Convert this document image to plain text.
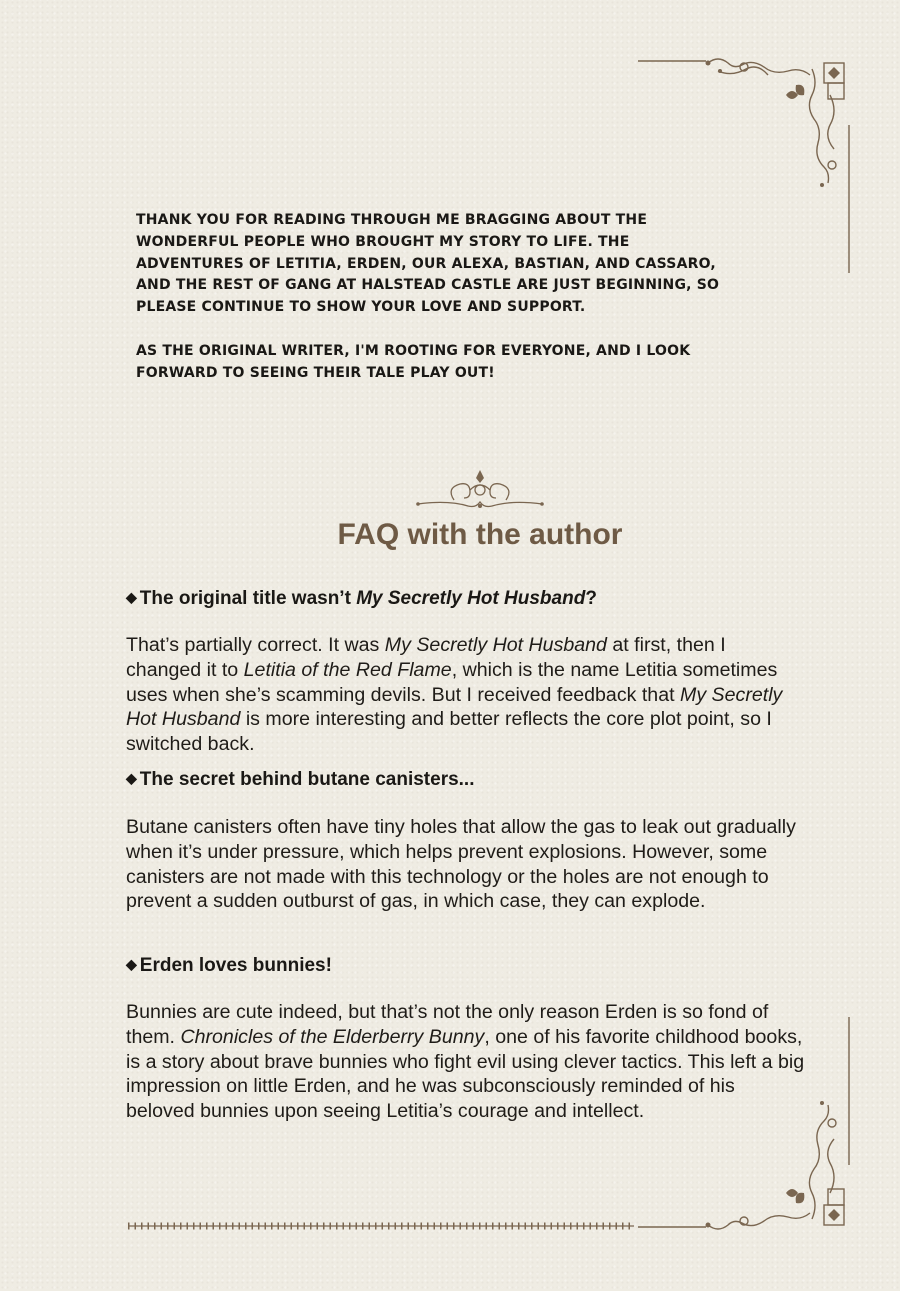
THANK YOU FOR READING THROUGH ME BRAGGING ABOUT THE WONDERFUL PEOPLE WHO BROUGHT MY STORY TO LIFE. THE ADVENTURES OF LETITIA, ERDEN, OUR ALEXA, BASTIAN, AND CASSARO, AND THE REST OF GANG AT HALSTEAD CASTLE ARE JUST BEGINNING, SO PLEASE CONTINUE TO SHOW YOUR LOVE AND SUPPORT.

AS THE ORIGINAL WRITER, I'M ROOTING FOR EVERYONE, AND I LOOK FORWARD TO SEEING THEIR TALE PLAY OUT!

FAQ with the author

◆ The original title wasn’t My Secretly Hot Husband?

That’s partially correct. It was My Secretly Hot Husband at first, then I changed it to Letitia of the Red Flame, which is the name Letitia sometimes uses when she’s scamming devils. But I received feedback that My Secretly Hot Husband is more interesting and better reflects the core plot point, so I switched back.

◆ The secret behind butane canisters...

Butane canisters often have tiny holes that allow the gas to leak out gradually when it’s under pressure, which helps prevent explosions. However, some canisters are not made with this technology or the holes are not enough to prevent a sudden outburst of gas, in which case, they can explode.

◆ Erden loves bunnies!

Bunnies are cute indeed, but that’s not the only reason Erden is so fond of them. Chronicles of the Elderberry Bunny, one of his favorite childhood books, is a story about brave bunnies who fight evil using clever tactics. This left a big impression on little Erden, and he was subconsciously reminded of his beloved bunnies upon seeing Letitia’s courage and intellect.
